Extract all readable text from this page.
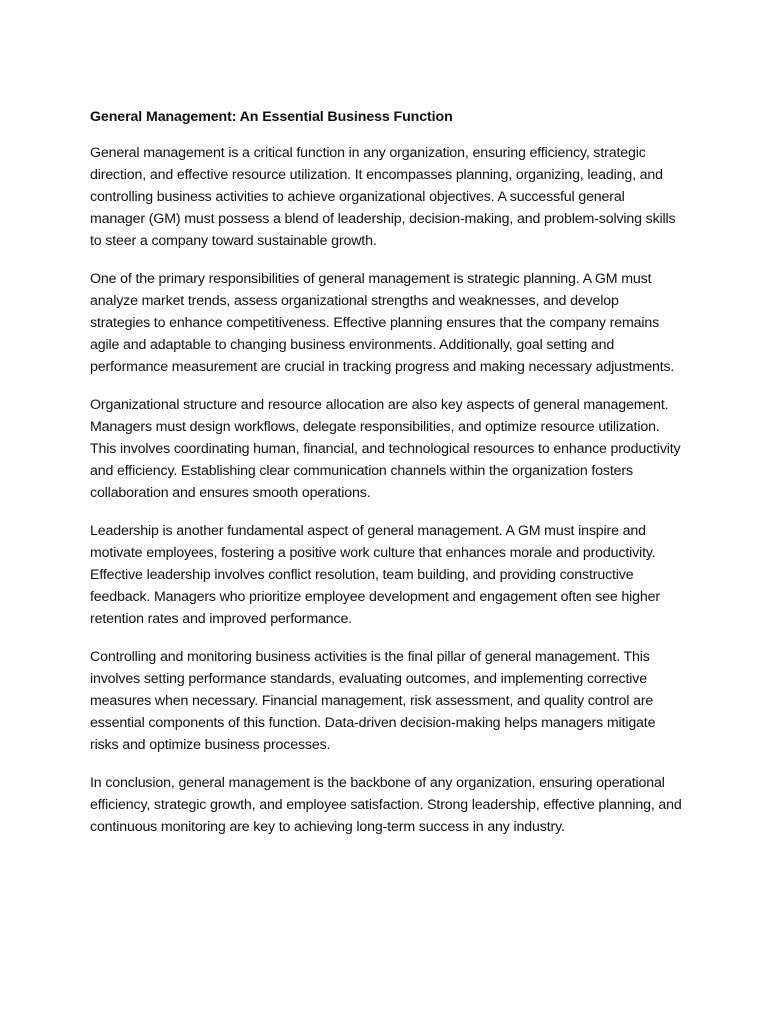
General Management: An Essential Business Function

General management is a critical function in any organization, ensuring efficiency, strategic direction, and effective resource utilization. It encompasses planning, organizing, leading, and controlling business activities to achieve organizational objectives. A successful general manager (GM) must possess a blend of leadership, decision-making, and problem-solving skills to steer a company toward sustainable growth.

One of the primary responsibilities of general management is strategic planning. A GM must analyze market trends, assess organizational strengths and weaknesses, and develop strategies to enhance competitiveness. Effective planning ensures that the company remains agile and adaptable to changing business environments. Additionally, goal setting and performance measurement are crucial in tracking progress and making necessary adjustments.

Organizational structure and resource allocation are also key aspects of general management. Managers must design workflows, delegate responsibilities, and optimize resource utilization. This involves coordinating human, financial, and technological resources to enhance productivity and efficiency. Establishing clear communication channels within the organization fosters collaboration and ensures smooth operations.

Leadership is another fundamental aspect of general management. A GM must inspire and motivate employees, fostering a positive work culture that enhances morale and productivity. Effective leadership involves conflict resolution, team building, and providing constructive feedback. Managers who prioritize employee development and engagement often see higher retention rates and improved performance.

Controlling and monitoring business activities is the final pillar of general management. This involves setting performance standards, evaluating outcomes, and implementing corrective measures when necessary. Financial management, risk assessment, and quality control are essential components of this function. Data-driven decision-making helps managers mitigate risks and optimize business processes.

In conclusion, general management is the backbone of any organization, ensuring operational efficiency, strategic growth, and employee satisfaction. Strong leadership, effective planning, and continuous monitoring are key to achieving long-term success in any industry.
